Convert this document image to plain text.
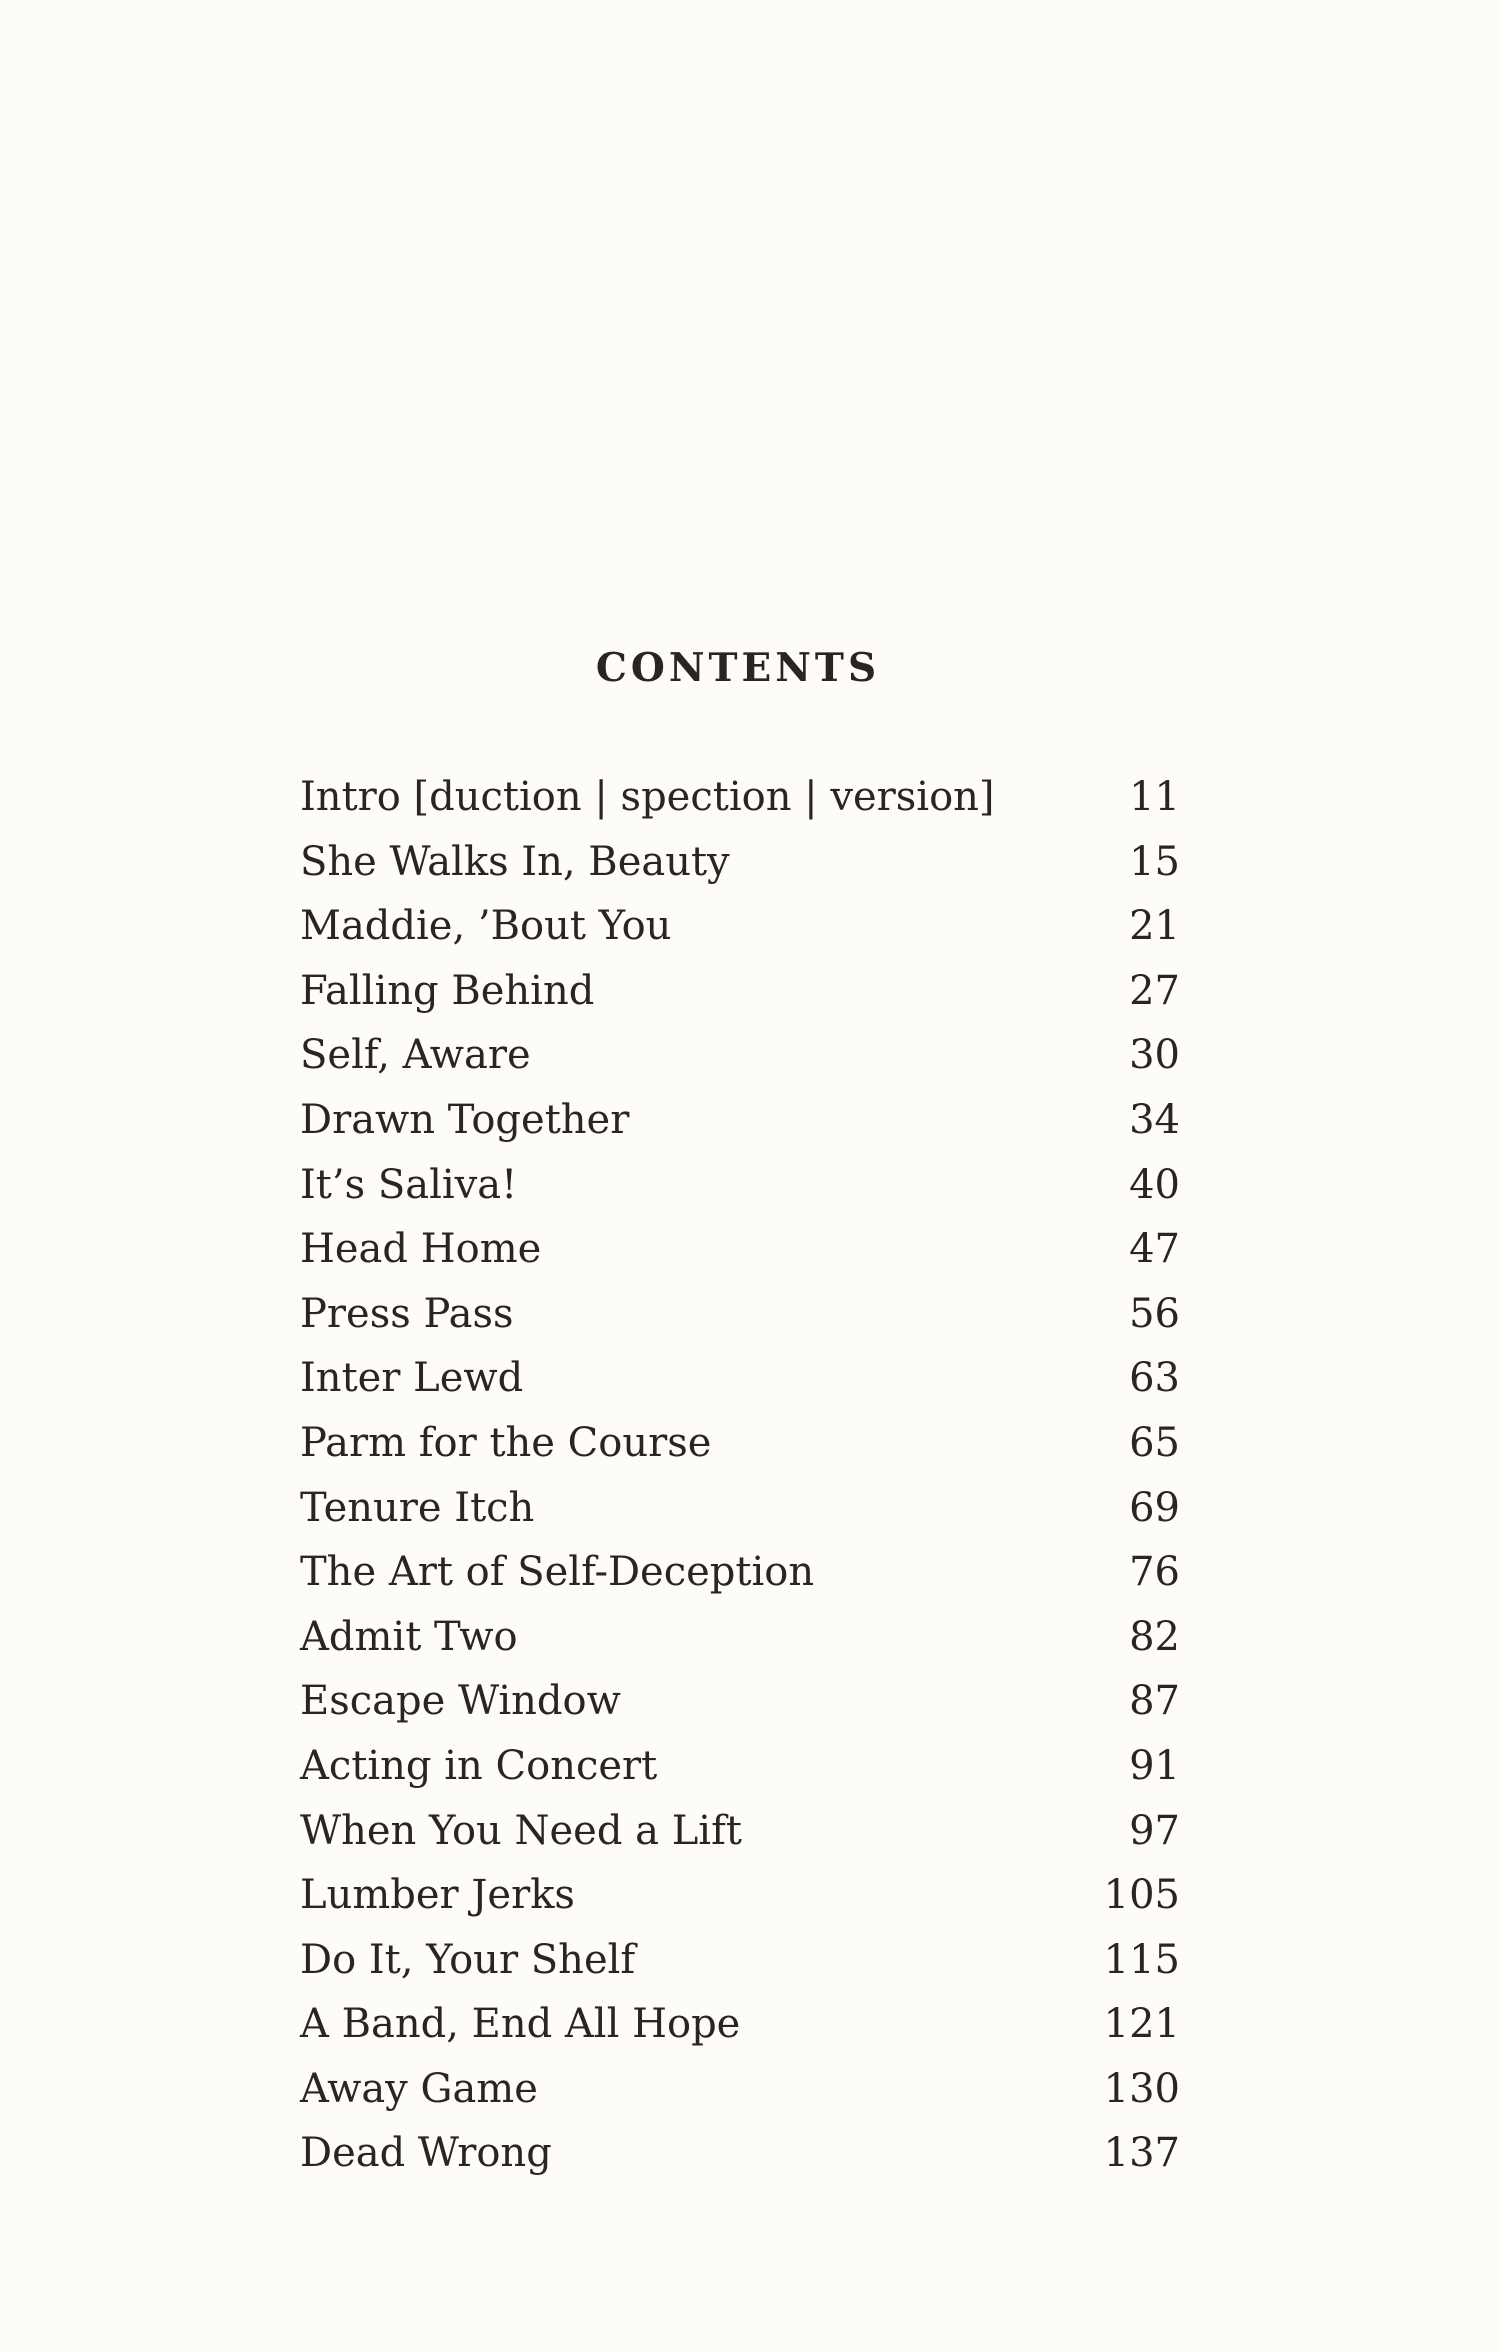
CONTENTS
Intro [duction | spection | version]	11
She Walks In, Beauty	15
Maddie, ’Bout You	21
Falling Behind	27
Self, Aware	30
Drawn Together	34
It’s Saliva!	40
Head Home	47
Press Pass	56
Inter Lewd	63
Parm for the Course	65
Tenure Itch	69
The Art of Self-Deception	76
Admit Two	82
Escape Window	87
Acting in Concert	91
When You Need a Lift	97
Lumber Jerks	105
Do It, Your Shelf	115
A Band, End All Hope	121
Away Game	130
Dead Wrong	137
